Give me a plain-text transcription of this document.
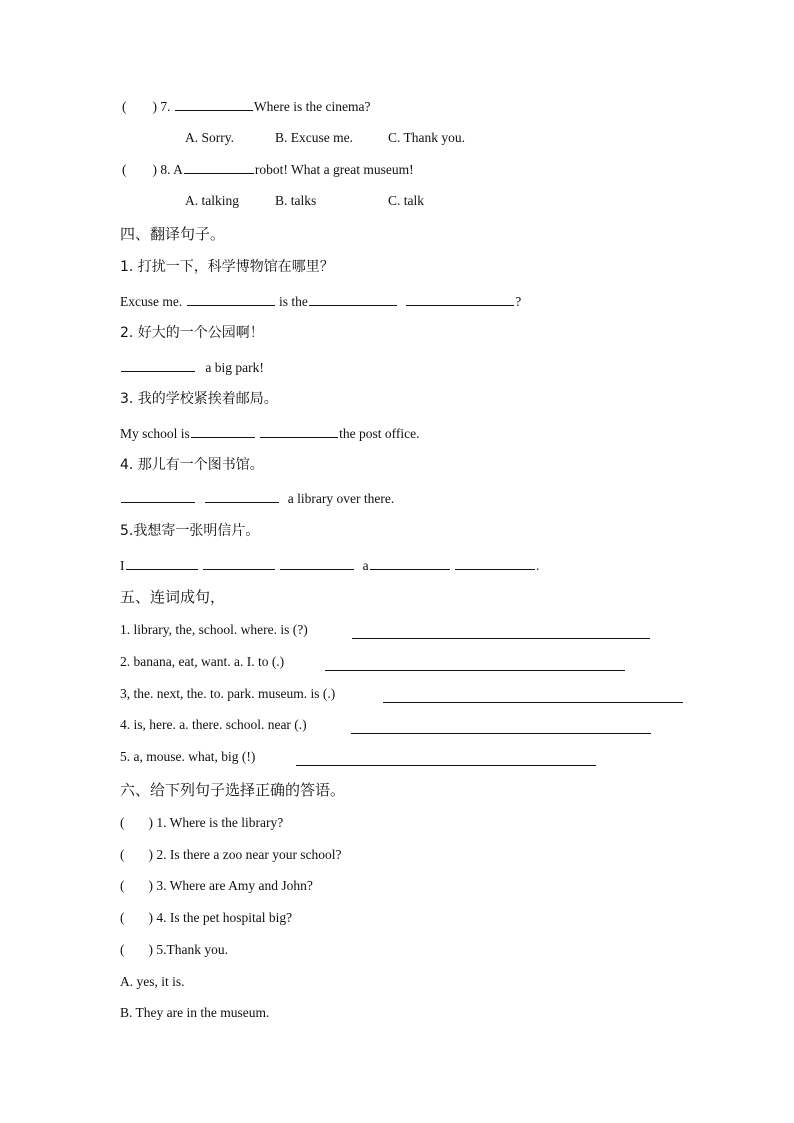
( ) 7.	Where is the cinema?
A. Sorry.	B. Excuse me.	C. Thank you.
( ) 8. A	robot! What a great museum!
A. talking	B. talks	C. talk
四、翻译句子。
1. 打扰一下，科学博物馆在哪里？
Excuse me.	is the	?
2. 好大的一个公园啊！
a big park!
3. 我的学校紧挨着邮局。
My school is	the post office.
4. 那儿有一个图书馆。
a library over there.
5.我想寄一张明信片。
I	a	.
五、连词成句，
1. library, the, school. where. is (?)
2. banana, eat, want. a. I. to (.)
3, the. next, the. to. park. museum. is (.)
4. is, here. a. there. school. near (.)
5. a, mouse. what, big (!)
六、给下列句子选择正确的答语。
( ) 1. Where is the library?
( ) 2. Is there a zoo near your school?
( ) 3. Where are Amy and John?
( ) 4. Is the pet hospital big?
( ) 5.Thank you.
A. yes, it is.
B. They are in the museum.
